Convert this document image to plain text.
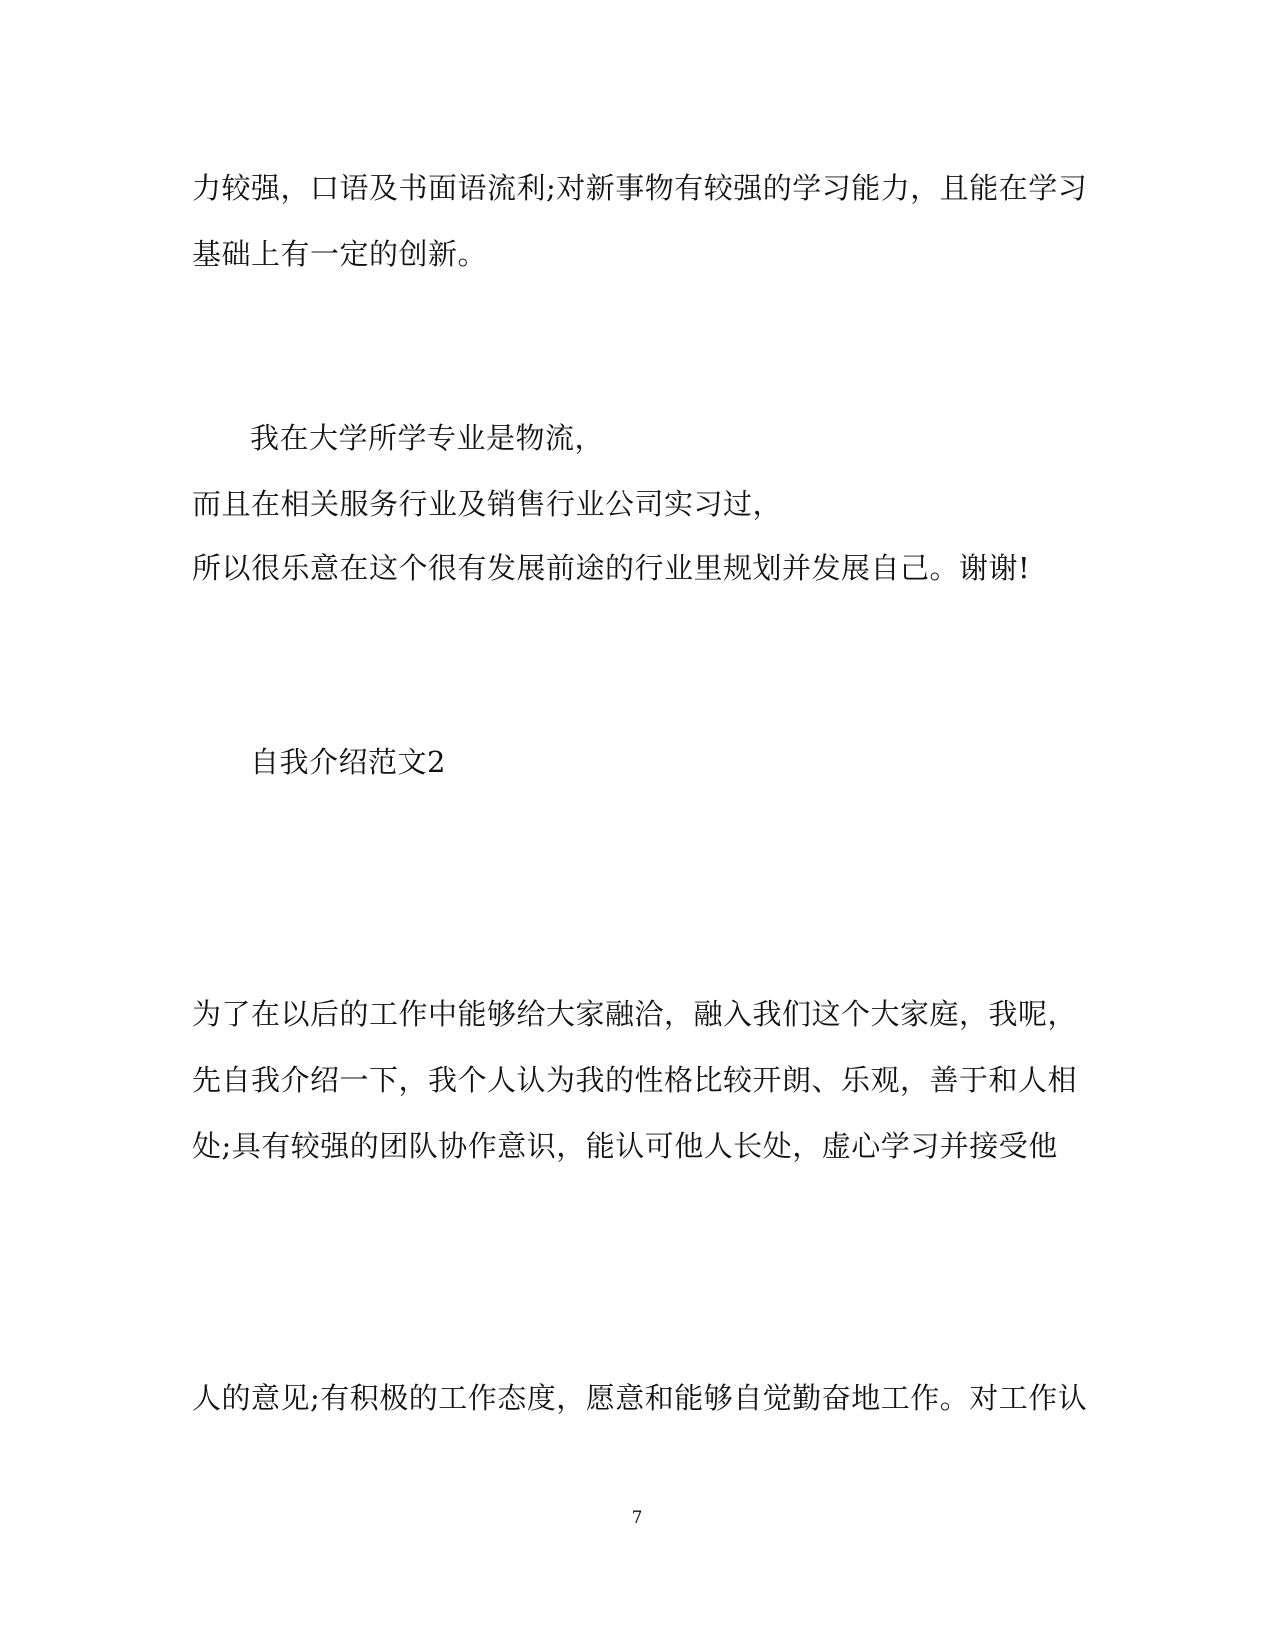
力较强，口语及书面语流利;对新事物有较强的学习能力，且能在学习
基础上有一定的创新。
我在大学所学专业是物流，
而且在相关服务行业及销售行业公司实习过，
所以很乐意在这个很有发展前途的行业里规划并发展自己。谢谢!
自我介绍范文2
为了在以后的工作中能够给大家融洽，融入我们这个大家庭，我呢，
先自我介绍一下，我个人认为我的性格比较开朗、乐观，善于和人相
处;具有较强的团队协作意识，能认可他人长处，虚心学习并接受他
人的意见;有积极的工作态度，愿意和能够自觉勤奋地工作。对工作认
7
